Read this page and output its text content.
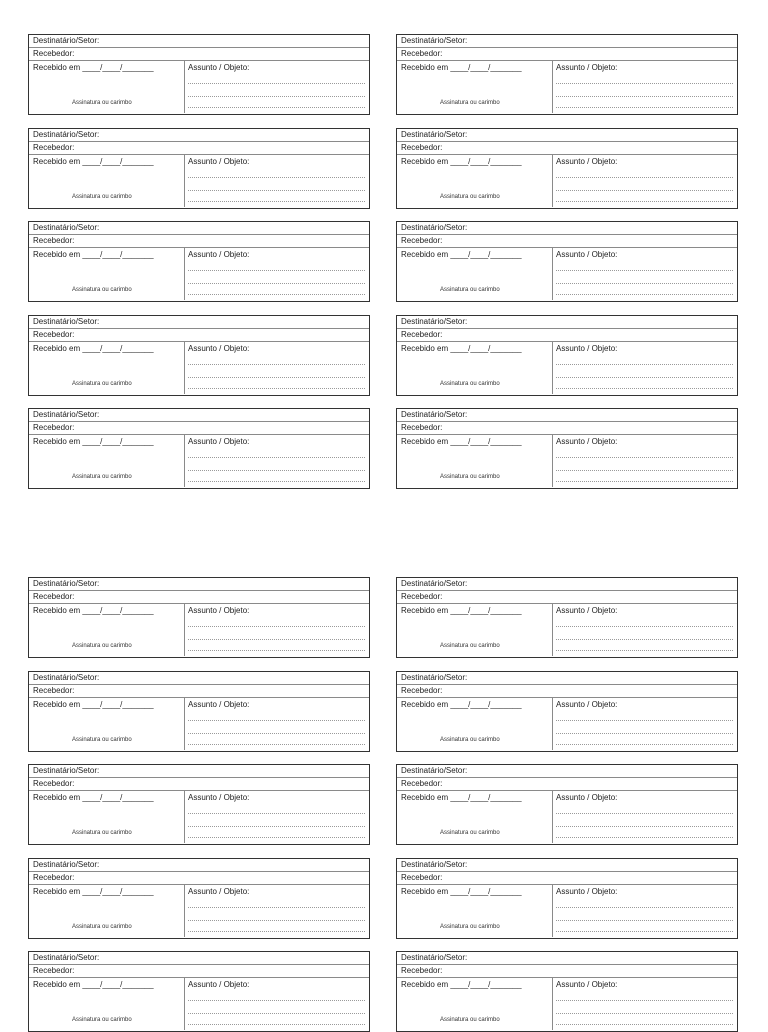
Destinatário/Setor:
Recebedor:
Recebido em ____/____/_______
Assinatura ou carimbo
Assunto / Objeto:
Destinatário/Setor:
Recebedor:
Recebido em ____/____/_______
Assinatura ou carimbo
Assunto / Objeto:
Destinatário/Setor:
Recebedor:
Recebido em ____/____/_______
Assinatura ou carimbo
Assunto / Objeto:
Destinatário/Setor:
Recebedor:
Recebido em ____/____/_______
Assinatura ou carimbo
Assunto / Objeto:
Destinatário/Setor:
Recebedor:
Recebido em ____/____/_______
Assinatura ou carimbo
Assunto / Objeto:
Destinatário/Setor:
Recebedor:
Recebido em ____/____/_______
Assinatura ou carimbo
Assunto / Objeto:
Destinatário/Setor:
Recebedor:
Recebido em ____/____/_______
Assinatura ou carimbo
Assunto / Objeto:
Destinatário/Setor:
Recebedor:
Recebido em ____/____/_______
Assinatura ou carimbo
Assunto / Objeto:
Destinatário/Setor:
Recebedor:
Recebido em ____/____/_______
Assinatura ou carimbo
Assunto / Objeto:
Destinatário/Setor:
Recebedor:
Recebido em ____/____/_______
Assinatura ou carimbo
Assunto / Objeto:
Destinatário/Setor:
Recebedor:
Recebido em ____/____/_______
Assinatura ou carimbo
Assunto / Objeto:
Destinatário/Setor:
Recebedor:
Recebido em ____/____/_______
Assinatura ou carimbo
Assunto / Objeto:
Destinatário/Setor:
Recebedor:
Recebido em ____/____/_______
Assinatura ou carimbo
Assunto / Objeto:
Destinatário/Setor:
Recebedor:
Recebido em ____/____/_______
Assinatura ou carimbo
Assunto / Objeto:
Destinatário/Setor:
Recebedor:
Recebido em ____/____/_______
Assinatura ou carimbo
Assunto / Objeto:
Destinatário/Setor:
Recebedor:
Recebido em ____/____/_______
Assinatura ou carimbo
Assunto / Objeto:
Destinatário/Setor:
Recebedor:
Recebido em ____/____/_______
Assinatura ou carimbo
Assunto / Objeto:
Destinatário/Setor:
Recebedor:
Recebido em ____/____/_______
Assinatura ou carimbo
Assunto / Objeto:
Destinatário/Setor:
Recebedor:
Recebido em ____/____/_______
Assinatura ou carimbo
Assunto / Objeto:
Destinatário/Setor:
Recebedor:
Recebido em ____/____/_______
Assinatura ou carimbo
Assunto / Objeto:
